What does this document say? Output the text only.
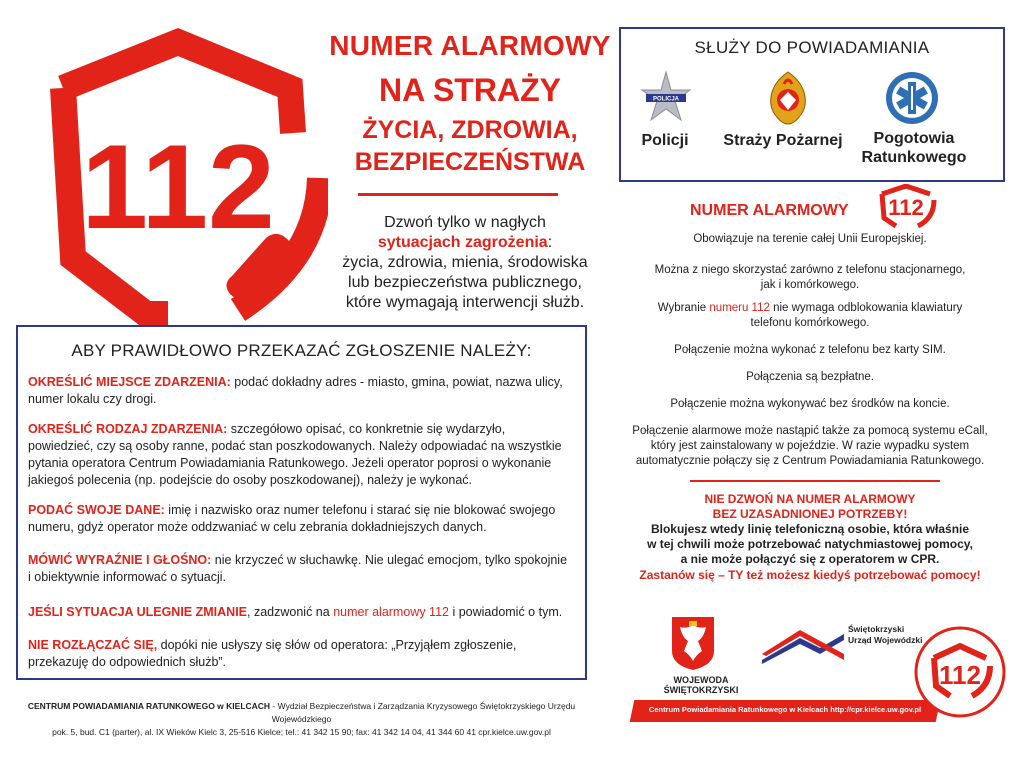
112
NUMER ALARMOWY
NA STRAŻY
ŻYCIA, ZDROWIA,
BEZPIECZEŃSTWA
Dzwoń tylko w nagłych
sytuacjach zagrożenia:
życia, zdrowia, mienia, środowiska
lub bezpieczeństwa publicznego,
które wymagają interwencji służb.
SŁUŻY DO POWIADAMIANIA
POLICJA
Policji	Straży Pożarnej	Pogotowia
Ratunkowego
NUMER ALARMOWY 112
Obowiązuje na terenie całej Unii Europejskiej.
Można z niego skorzystać zarówno z telefonu stacjonarnego,
jak i komórkowego.
Wybranie numeru 112 nie wymaga odblokowania klawiatury
telefonu komórkowego.
Połączenie można wykonać z telefonu bez karty SIM.
Połączenia są bezpłatne.
Połączenie można wykonywać bez środków na koncie.
Połączenie alarmowe może nastąpić także za pomocą systemu eCall,
który jest zainstalowany w pojeździe. W razie wypadku system
automatycznie połączy się z Centrum Powiadamiania Ratunkowego.
NIE DZWOŃ NA NUMER ALARMOWY
BEZ UZASADNIONEJ POTRZEBY!
Blokujesz wtedy linię telefoniczną osobie, która właśnie
w tej chwili może potrzebować natychmiastowej pomocy,
a nie może połączyć się z operatorem w CPR.
Zastanów się – TY też możesz kiedyś potrzebować pomocy!
ABY PRAWIDŁOWO PRZEKAZAĆ ZGŁOSZENIE NALEŻY:
OKREŚLIĆ MIEJSCE ZDARZENIA: podać dokładny adres - miasto, gmina, powiat, nazwa ulicy, numer lokalu czy drogi.
OKREŚLIĆ RODZAJ ZDARZENIA: szczegółowo opisać, co konkretnie się wydarzyło, powiedzieć, czy są osoby ranne, podać stan poszkodowanych. Należy odpowiadać na wszystkie pytania operatora Centrum Powiadamiania Ratunkowego. Jeżeli operator poprosi o wykonanie jakiegoś polecenia (np. podejście do osoby poszkodowanej), należy je wykonać.
PODAĆ SWOJE DANE: imię i nazwisko oraz numer telefonu i starać się nie blokować swojego numeru, gdyż operator może oddzwaniać w celu zebrania dokładniejszych danych.
MÓWIĆ WYRAŹNIE I GŁOŚNO: nie krzyczeć w słuchawkę. Nie ulegać emocjom, tylko spokojnie i obiektywnie informować o sytuacji.
JEŚLI SYTUACJA ULEGNIE ZMIANIE, zadzwonić na numer alarmowy 112 i powiadomić o tym.
NIE ROZŁĄCZAĆ SIĘ, dopóki nie usłyszy się słów od operatora: „Przyjąłem zgłoszenie, przekazuję do odpowiednich służb”.
CENTRUM POWIADAMIANIA RATUNKOWEGO w KIELCACH - Wydział Bezpieczeństwa i Zarządzania Kryzysowego Świętokrzyskiego Urzędu Wojewódzkiego
pok. 5, bud. C1 (parter), al. IX Wieków Kielc 3, 25-516 Kielce; tel.: 41 342 15 90; fax: 41 342 14 04, 41 344 60 41 cpr.kielce.uw.gov.pl
WOJEWODA ŚWIĘTOKRZYSKI
Świętokrzyski
Urząd Wojewódzki
Centrum Powiadamiania Ratunkowego w Kielcach http://cpr.kielce.uw.gov.pl
112
